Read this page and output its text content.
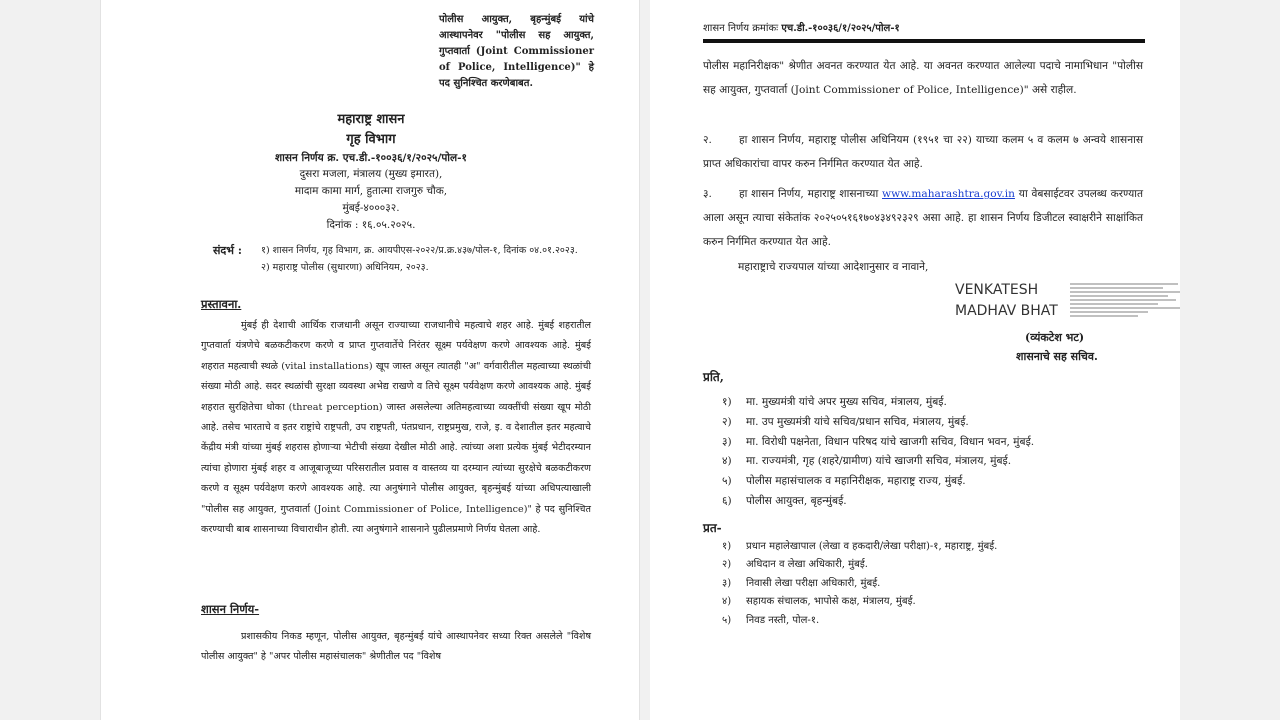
पोलीस आयुक्त, बृहन्मुंबई यांचे आस्थापनेवर "पोलीस सह आयुक्त, गुप्तवार्ता (Joint Commissioner of Police, Intelligence)" हे पद सुनिश्चित करणेबाबत.
महाराष्ट्र शासन
गृह विभाग
शासन निर्णय क्र. एच.डी.-१००३६/१/२०२५/पोल-१
दुसरा मजला, मंत्रालय (मुख्य इमारत),
मादाम कामा मार्ग, हुतात्मा राजगुरु चौक,
मुंबई-४०००३२.
दिनांक : १६.०५.२०२५.
संदर्भ : १) शासन निर्णय, गृह विभाग, क्र. आयपीएस-२०२२/प्र.क्र.४३७/पोल-१, दिनांक ०४.०१.२०२३.
२) महाराष्ट्र पोलीस (सुधारणा) अधिनियम, २०२३.
प्रस्तावना.
मुंबई ही देशाची आर्थिक राजधानी असून राज्याच्या राजधानीचे महत्वाचे शहर आहे. मुंबई शहरातील गुप्तवार्ता यंत्रणेचे बळकटीकरण करणे व प्राप्त गुप्तवार्तेचे निरंतर सूक्ष्म पर्यवेक्षण करणे आवश्यक आहे. मुंबई शहरात महत्वाची स्थळे (vital installations) खूप जास्त असून त्यातही "अ" वर्गवारीतील महत्वाच्या स्थळांची संख्या मोठी आहे. सदर स्थळांची सुरक्षा व्यवस्था अभेद्य राखणे व तिचे सूक्ष्म पर्यवेक्षण करणे आवश्यक आहे. मुंबई शहरात सुरक्षितेचा धोका (threat perception) जास्त असलेल्या अतिमहत्वाच्या व्यक्तींची संख्या खूप मोठी आहे. तसेच भारताचे व इतर राष्ट्रांचे राष्ट्रपती, उप राष्ट्रपती, पंतप्रधान, राष्ट्रप्रमुख, राजे, इ. व देशातील इतर महत्वाचे केंद्रीय मंत्री यांच्या मुंबई शहरास होणाऱ्या भेटीची संख्या देखील मोठी आहे. त्यांच्या अशा प्रत्येक मुंबई भेटीदरम्यान त्यांचा होणारा मुंबई शहर व आजूबाजूच्या परिसरातील प्रवास व वास्तव्य या दरम्यान त्यांच्या सुरक्षेचे बळकटीकरण करणे व सूक्ष्म पर्यवेक्षण करणे आवश्यक आहे. त्या अनुषंगाने पोलीस आयुक्त, बृहन्मुंबई यांच्या अधिपत्याखाली "पोलीस सह आयुक्त, गुप्तवार्ता (Joint Commissioner of Police, Intelligence)" हे पद सुनिश्चित करण्याची बाब शासनाच्या विचाराधीन होती. त्या अनुषंगाने शासनाने पुढीलप्रमाणे निर्णय घेतला आहे.
शासन निर्णय-
प्रशासकीय निकड म्हणून, पोलीस आयुक्त, बृहन्मुंबई यांचे आस्थापनेवर सध्या रिक्त असलेले "विशेष पोलीस आयुक्त" हे "अपर पोलीस महासंचालक" श्रेणीतील पद "विशेष
शासन निर्णय क्रमांकः एच.डी.-१००३६/१/२०२५/पोल-१
पोलीस महानिरीक्षक" श्रेणीत अवनत करण्यात येत आहे. या अवनत करण्यात आलेल्या पदाचे नामाभिधान "पोलीस सह आयुक्त, गुप्तवार्ता (Joint Commissioner of Police, Intelligence)" असे राहील.
२.	हा शासन निर्णय, महाराष्ट्र पोलीस अधिनियम (१९५१ चा २२) याच्या कलम ५ व कलम ७ अन्वये शासनास प्राप्त अधिकारांचा वापर करुन निर्गमित करण्यात येत आहे.
३.	हा शासन निर्णय, महाराष्ट्र शासनाच्या www.maharashtra.gov.in या वेबसाईटवर उपलब्ध करण्यात आला असून त्याचा संकेतांक २०२५०५१६१७०४३४९२३२९ असा आहे. हा शासन निर्णय डिजीटल स्वाक्षरीने साक्षांकित करुन निर्गमित करण्यात येत आहे.
महाराष्ट्राचे राज्यपाल यांच्या आदेशानुसार व नावाने,
VENKATESH
MADHAV BHAT
(व्यंकटेश भट)
शासनाचे सह सचिव.
प्रति,
१) मा. मुख्यमंत्री यांचे अपर मुख्य सचिव, मंत्रालय, मुंबई.
२) मा. उप मुख्यमंत्री यांचे सचिव/प्रधान सचिव, मंत्रालय, मुंबई.
३) मा. विरोधी पक्षनेता, विधान परिषद यांचे खाजगी सचिव, विधान भवन, मुंबई.
४) मा. राज्यमंत्री, गृह (शहरे/ग्रामीण) यांचे खाजगी सचिव, मंत्रालय, मुंबई.
५) पोलीस महासंचालक व महानिरीक्षक, महाराष्ट्र राज्य, मुंबई.
६) पोलीस आयुक्त, बृहन्मुंबई.
प्रत-
१) प्रधान महालेखापाल (लेखा व हकदारी/लेखा परीक्षा)-१, महाराष्ट्र, मुंबई.
२) अधिदान व लेखा अधिकारी, मुंबई.
३) निवासी लेखा परीक्षा अधिकारी, मुंबई.
४) सहायक संचालक, भापोसे कक्ष, मंत्रालय, मुंबई.
५) निवड नस्ती, पोल-१.
